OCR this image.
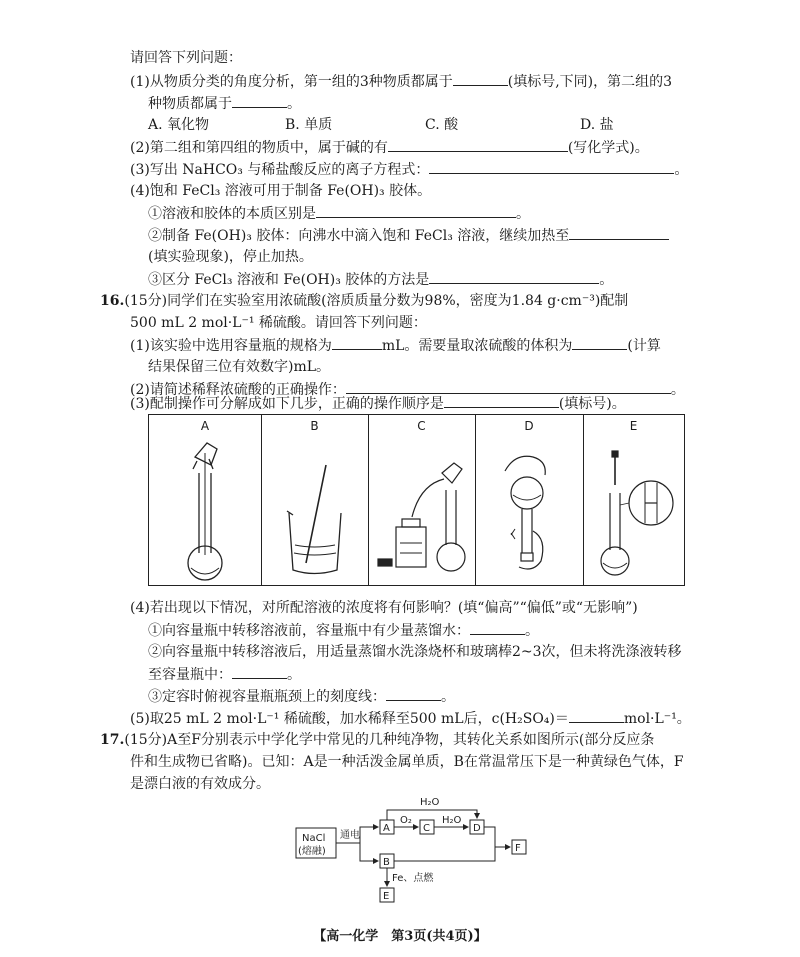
请回答下列问题：
(1)从物质分类的角度分析，第一组的3种物质都属于	(填标号,下同)，第二组的3
种物质都属于	。
A. 氧化物	B. 单质	C. 酸	D. 盐
(2)第二组和第四组的物质中，属于碱的有	(写化学式)。
(3)写出 NaHCO₃ 与稀盐酸反应的离子方程式：	。
(4)饱和 FeCl₃ 溶液可用于制备 Fe(OH)₃ 胶体。
①溶液和胶体的本质区别是	。
②制备 Fe(OH)₃ 胶体：向沸水中滴入饱和 FeCl₃ 溶液，继续加热至
(填实验现象)，停止加热。
③区分 FeCl₃ 溶液和 Fe(OH)₃ 胶体的方法是	。
16.(15分)同学们在实验室用浓硫酸(溶质质量分数为98%，密度为1.84 g·cm⁻³)配制
500 mL 2 mol·L⁻¹ 稀硫酸。请回答下列问题：
(1)该实验中选用容量瓶的规格为	mL。需要量取浓硫酸的体积为	(计算
结果保留三位有效数字)mL。
(2)请简述稀释浓硫酸的正确操作：	。
(3)配制操作可分解成如下几步，正确的操作顺序是	(填标号)。
A	B	C	D	E
(4)若出现以下情况，对所配溶液的浓度将有何影响？(填“偏高”“偏低”或“无影响”)
①向容量瓶中转移溶液前，容量瓶中有少量蒸馏水：	。
②向容量瓶中转移溶液后，用适量蒸馏水洗涤烧杯和玻璃棒2~3次，但未将洗涤液转移
至容量瓶中：	。
③定容时俯视容量瓶瓶颈上的刻度线：	。
(5)取25 mL 2 mol·L⁻¹ 稀硫酸，加水稀释至500 mL后，c(H₂SO₄)＝	mol·L⁻¹。
17.(15分)A至F分别表示中学化学中常见的几种纯净物，其转化关系如图所示(部分反应条
件和生成物已省略)。已知：A是一种活泼金属单质，B在常温常压下是一种黄绿色气体，F
是漂白液的有效成分。
NaCl
(熔融)
通电
A	C	D
B
E
F
O₂	H₂O
H₂O
Fe、点燃
【高一化学　第3页(共4页)】
